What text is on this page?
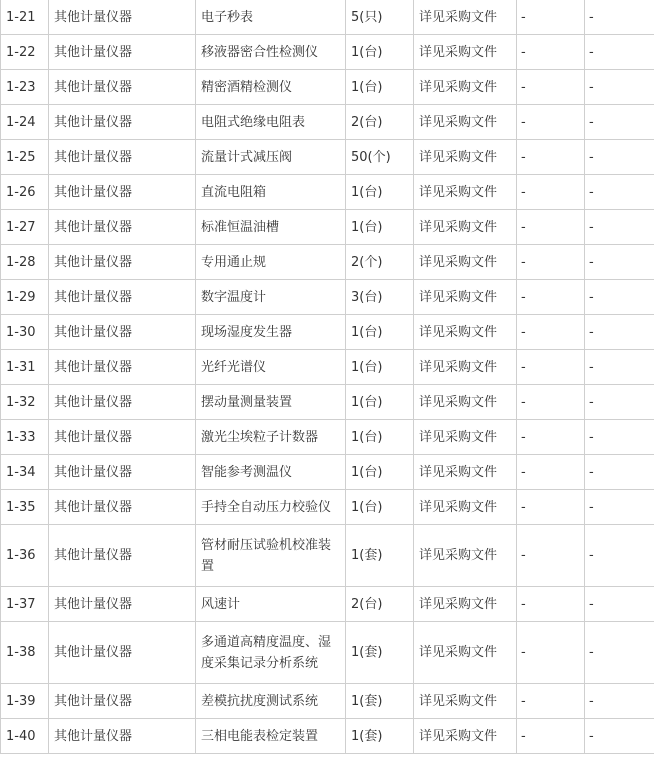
1-21	其他计量仪器	电子秒表	5(只)	详见采购文件	-	-
1-22	其他计量仪器	移液器密合性检测仪	1(台)	详见采购文件	-	-
1-23	其他计量仪器	精密酒精检测仪	1(台)	详见采购文件	-	-
1-24	其他计量仪器	电阻式绝缘电阻表	2(台)	详见采购文件	-	-
1-25	其他计量仪器	流量计式减压阀	50(个)	详见采购文件	-	-
1-26	其他计量仪器	直流电阻箱	1(台)	详见采购文件	-	-
1-27	其他计量仪器	标准恒温油槽	1(台)	详见采购文件	-	-
1-28	其他计量仪器	专用通止规	2(个)	详见采购文件	-	-
1-29	其他计量仪器	数字温度计	3(台)	详见采购文件	-	-
1-30	其他计量仪器	现场湿度发生器	1(台)	详见采购文件	-	-
1-31	其他计量仪器	光纤光谱仪	1(台)	详见采购文件	-	-
1-32	其他计量仪器	摆动量测量装置	1(台)	详见采购文件	-	-
1-33	其他计量仪器	激光尘埃粒子计数器	1(台)	详见采购文件	-	-
1-34	其他计量仪器	智能参考测温仪	1(台)	详见采购文件	-	-
1-35	其他计量仪器	手持全自动压力校验仪	1(台)	详见采购文件	-	-
1-36	其他计量仪器	管材耐压试验机校准装置	1(套)	详见采购文件	-	-
1-37	其他计量仪器	风速计	2(台)	详见采购文件	-	-
1-38	其他计量仪器	多通道高精度温度、湿度采集记录分析系统	1(套)	详见采购文件	-	-
1-39	其他计量仪器	差模抗扰度测试系统	1(套)	详见采购文件	-	-
1-40	其他计量仪器	三相电能表检定装置	1(套)	详见采购文件	-	-
